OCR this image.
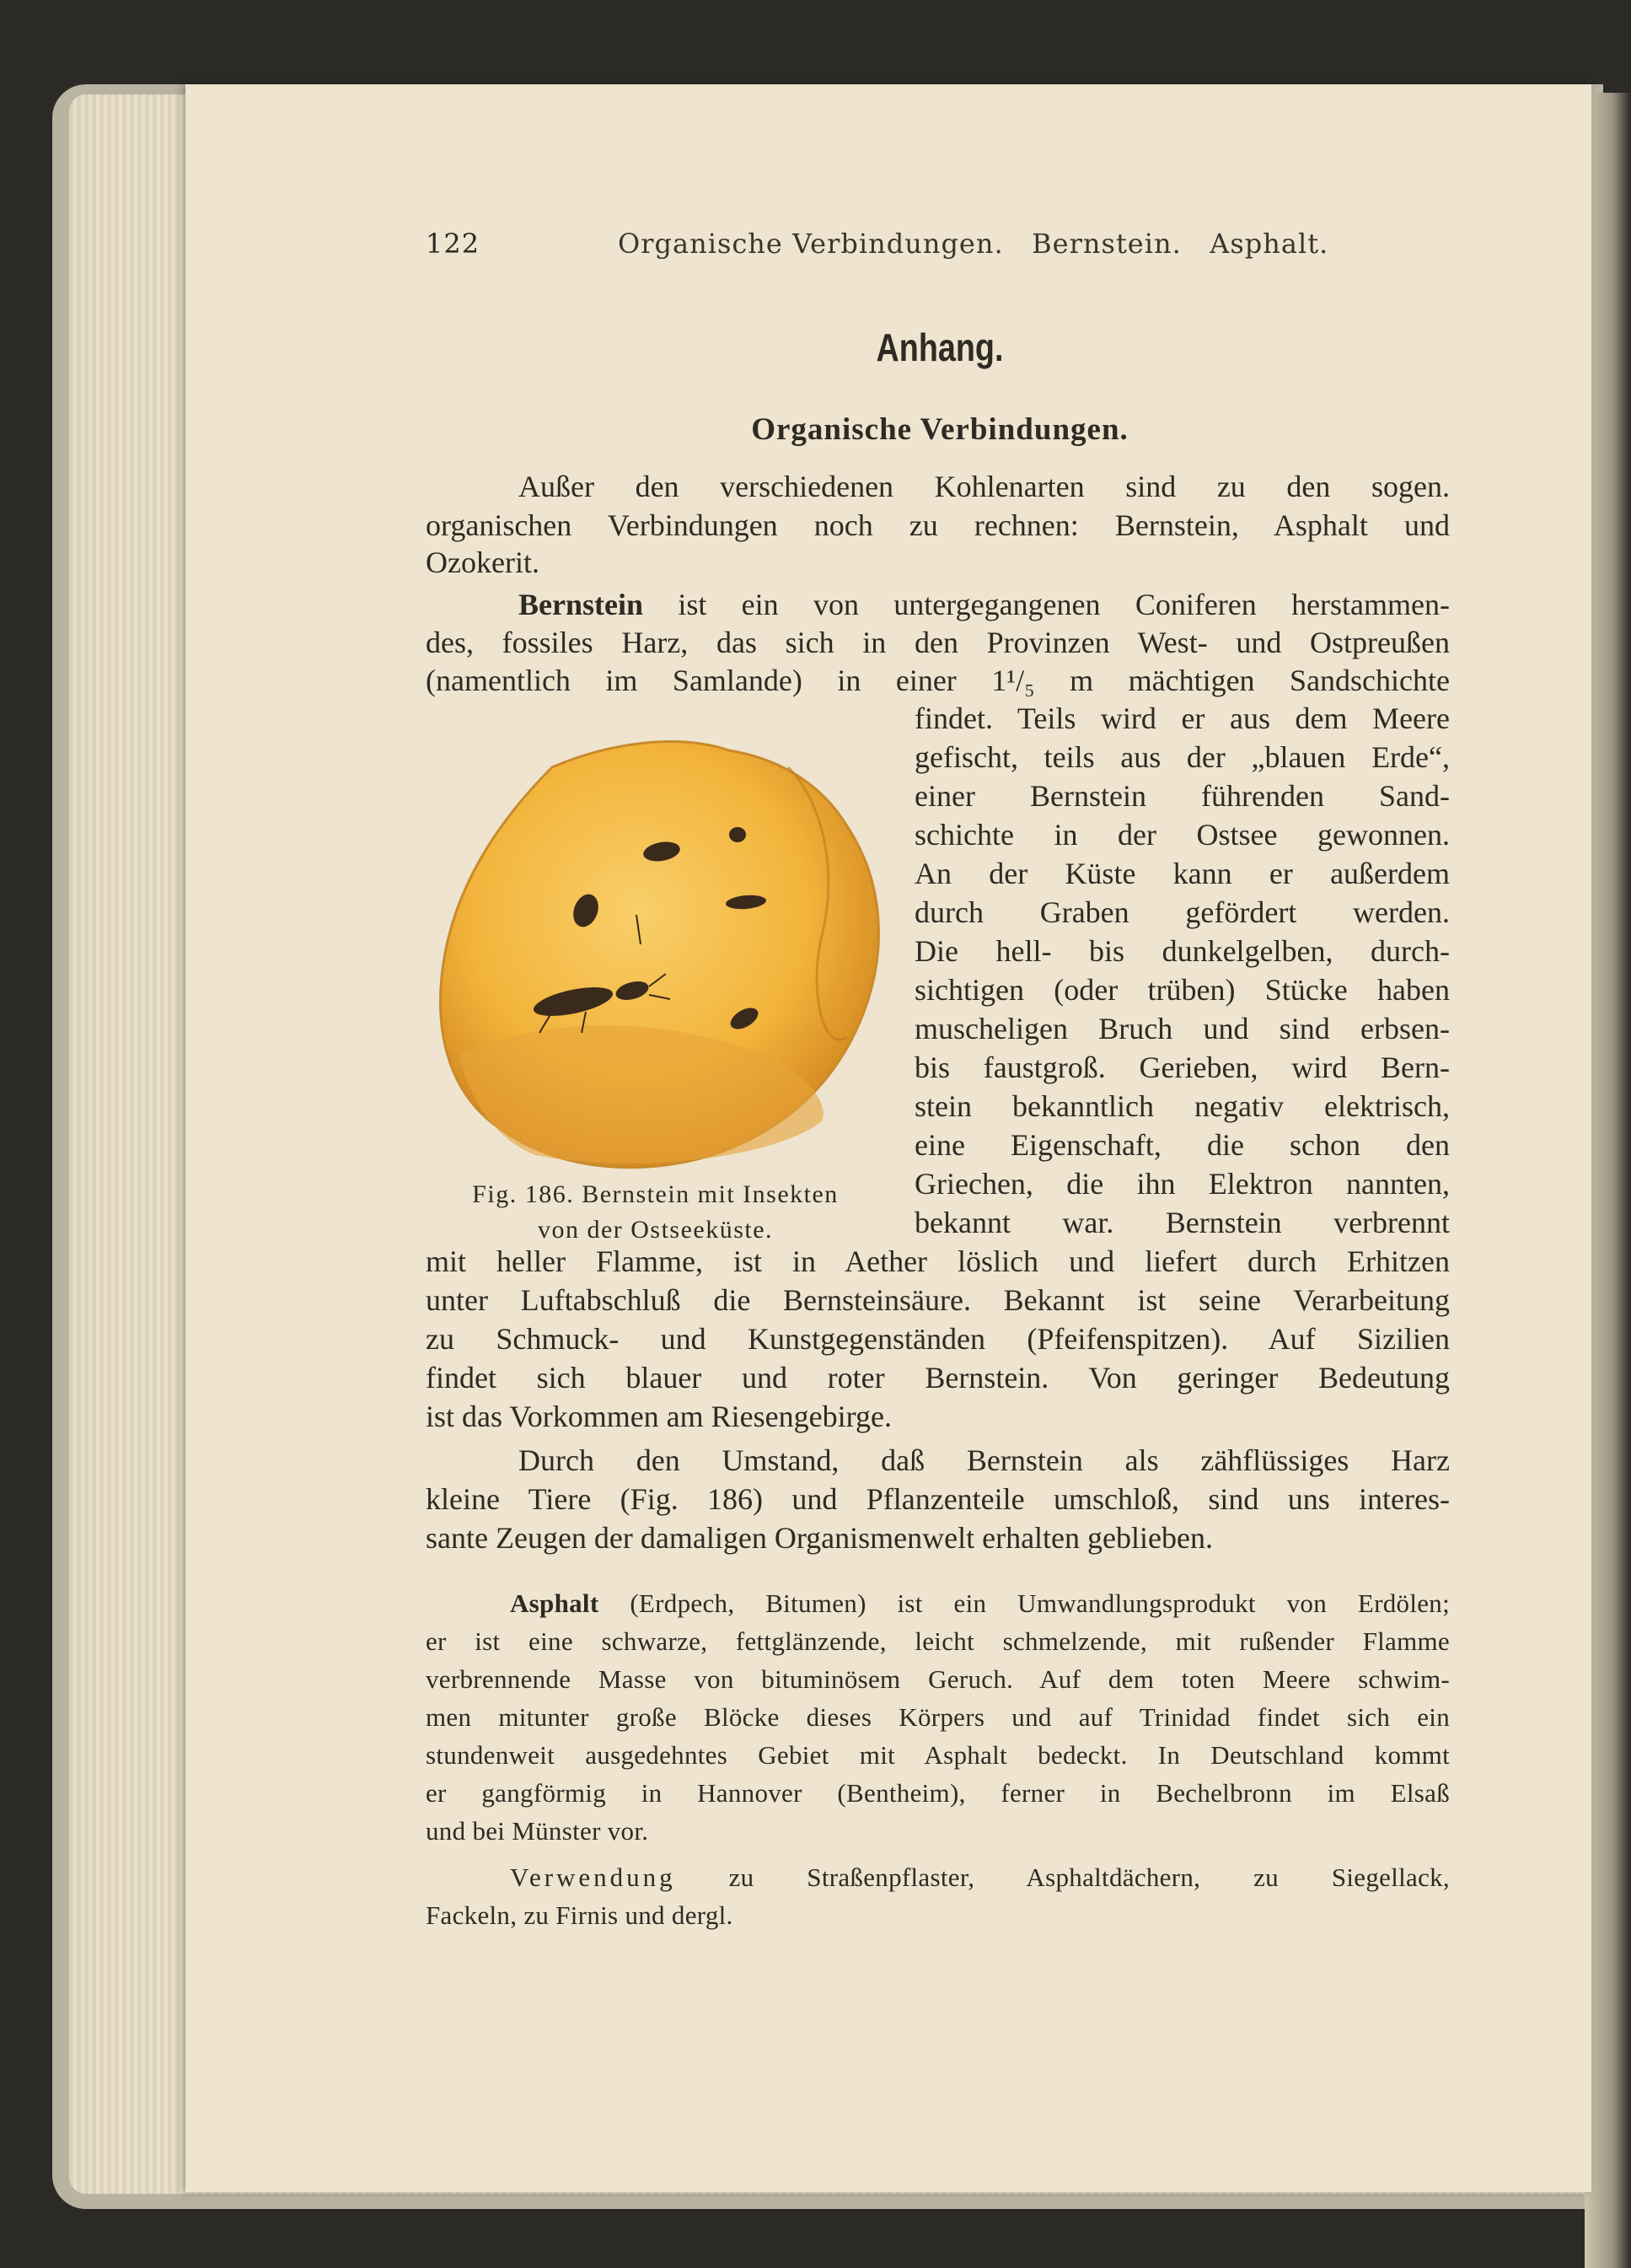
122	Organische Verbindungen.   Bernstein.   Asphalt.
Anhang.
Organische Verbindungen.
Außer den verschiedenen Kohlenarten sind zu den sogen.
organischen Verbindungen noch zu rechnen: Bernstein, Asphalt und
Ozokerit.
Bernstein ist ein von untergegangenen Coniferen herstammen-
des, fossiles Harz, das sich in den Provinzen West- und Ostpreußen
(namentlich im Samlande) in einer 1¹/₅ m mächtigen Sandschichte
findet. Teils wird er aus dem Meere
gefischt, teils aus der „blauen Erde“,
einer Bernstein führenden Sand-
schichte in der Ostsee gewonnen.
An der Küste kann er außerdem
durch Graben gefördert werden.
Die hell- bis dunkelgelben, durch-
sichtigen (oder trüben) Stücke haben
muscheligen Bruch und sind erbsen-
bis faustgroß. Gerieben, wird Bern-
stein bekanntlich negativ elektrisch,
eine Eigenschaft, die schon den
Griechen, die ihn Elektron nannten,
bekannt war. Bernstein verbrennt
Fig. 186. Bernstein mit Insekten
von der Ostseeküste.
mit heller Flamme, ist in Aether löslich und liefert durch Erhitzen
unter Luftabschluß die Bernsteinsäure. Bekannt ist seine Verarbeitung
zu Schmuck- und Kunstgegenständen (Pfeifenspitzen). Auf Sizilien
findet sich blauer und roter Bernstein. Von geringer Bedeutung
ist das Vorkommen am Riesengebirge.
Durch den Umstand, daß Bernstein als zähflüssiges Harz
kleine Tiere (Fig. 186) und Pflanzenteile umschloß, sind uns interes-
sante Zeugen der damaligen Organismenwelt erhalten geblieben.
Asphalt (Erdpech, Bitumen) ist ein Umwandlungsprodukt von Erdölen;
er ist eine schwarze, fettglänzende, leicht schmelzende, mit rußender Flamme
verbrennende Masse von bituminösem Geruch. Auf dem toten Meere schwim-
men mitunter große Blöcke dieses Körpers und auf Trinidad findet sich ein
stundenweit ausgedehntes Gebiet mit Asphalt bedeckt. In Deutschland kommt
er gangförmig in Hannover (Bentheim), ferner in Bechelbronn im Elsaß
und bei Münster vor.
Verwendung zu Straßenpflaster, Asphaltdächern, zu Siegellack,
Fackeln, zu Firnis und dergl.
